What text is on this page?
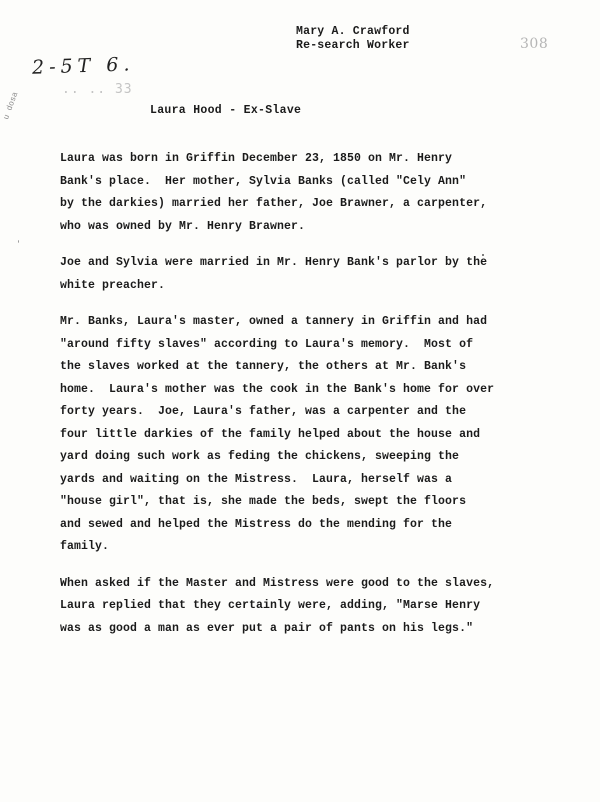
Mary A. Crawford
Re-search Worker	308
2-5T 6.
.. .. 33
u dosa	Laura Hood - Ex-Slave
Laura was born in Griffin December 23, 1850 on Mr. Henry
Bank's place.  Her mother, Sylvia Banks (called "Cely Ann"
by the darkies) married her father, Joe Brawner, a carpenter,
who was owned by Mr. Henry Brawner.
Joe and Sylvia were married in Mr. Henry Bank's parlor by the
white preacher.
Mr. Banks, Laura's master, owned a tannery in Griffin and had
"around fifty slaves" according to Laura's memory.  Most of
the slaves worked at the tannery, the others at Mr. Bank's
home.  Laura's mother was the cook in the Bank's home for over
forty years.  Joe, Laura's father, was a carpenter and the
four little darkies of the family helped about the house and
yard doing such work as feding the chickens, sweeping the
yards and waiting on the Mistress.  Laura, herself was a
"house girl", that is, she made the beds, swept the floors
and sewed and helped the Mistress do the mending for the
family.
When asked if the Master and Mistress were good to the slaves,
Laura replied that they certainly were, adding, "Marse Henry
was as good a man as ever put a pair of pants on his legs."
